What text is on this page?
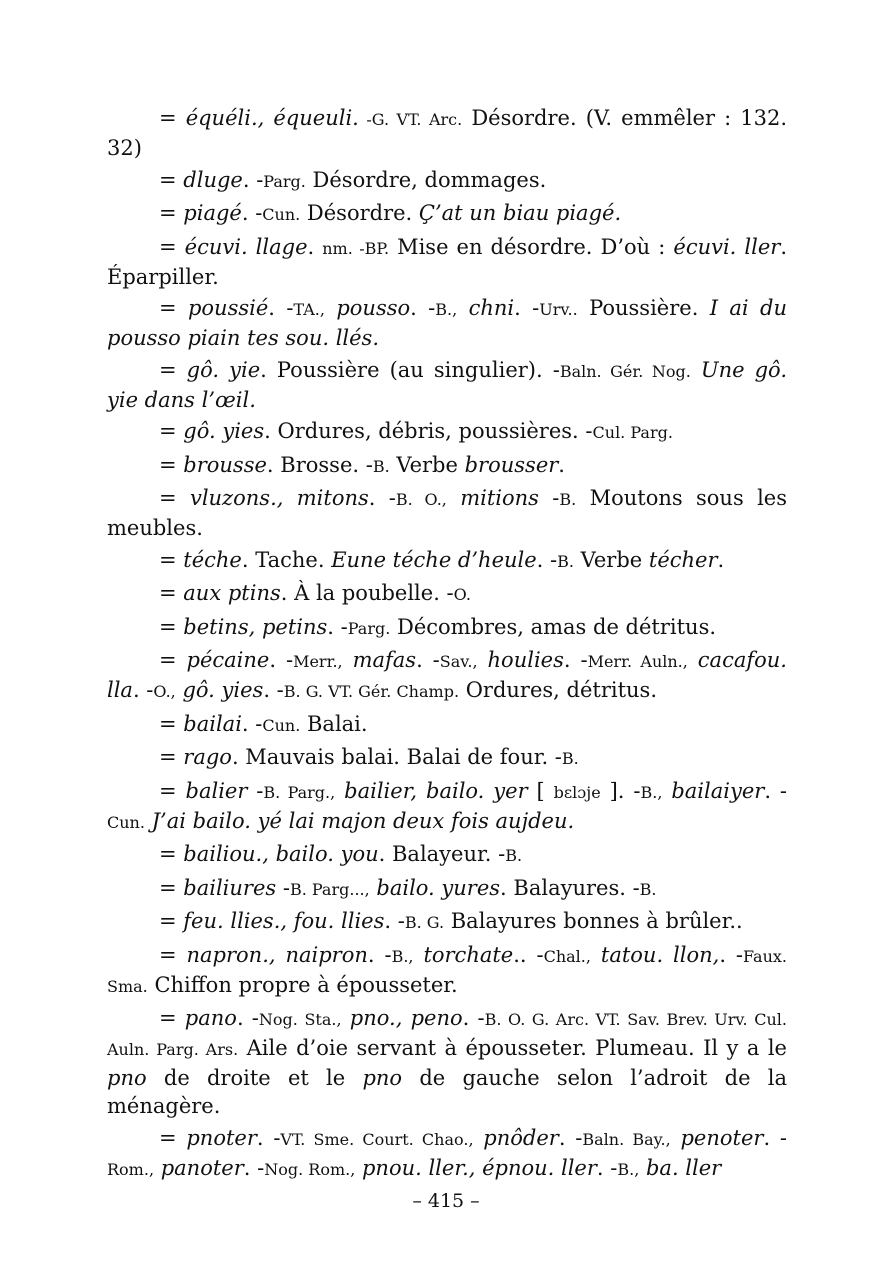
= équéli., équeuli. -G. VT. Arc. Désordre. (V. emmêler : 132. 32)

= dluge. -Parg. Désordre, dommages.

= piagé. -Cun. Désordre. Ç’at un biau piagé.

= écuvi. llage. nm. -BP. Mise en désordre. D’où : écuvi. ller. Éparpiller.

= poussié. -TA., pousso. -B., chni. -Urv.. Poussière. I ai du pousso piain tes sou. llés.

= gô. yie. Poussière (au singulier). -Baln. Gér. Nog. Une gô. yie dans l’œil.

= gô. yies. Ordures, débris, poussières. -Cul. Parg.

= brousse. Brosse. -B. Verbe brousser.

= vluzons., mitons. -B. O., mitions -B. Moutons sous les meubles.

= téche. Tache. Eune téche d’heule. -B. Verbe técher.

= aux ptins. À la poubelle. -O.

= betins, petins. -Parg. Décombres, amas de détritus.

= pécaine. -Merr., mafas. -Sav., houlies. -Merr. Auln., cacafou. lla. -O., gô. yies. -B. G. VT. Gér. Champ. Ordures, détritus.

= bailai. -Cun. Balai.

= rago. Mauvais balai. Balai de four. -B.

= balier -B. Parg., bailier, bailo. yer [ bɛlɔje ]. -B., bailaiyer. -Cun. J’ai bailo. yé lai majon deux fois aujdeu.

= bailiou., bailo. you. Balayeur. -B.

= bailiures -B. Parg..., bailo. yures. Balayures. -B.

= feu. llies., fou. llies. -B. G. Balayures bonnes à brûler..

= napron., naipron. -B., torchate.. -Chal., tatou. llon,. -Faux. Sma. Chiffon propre à épousseter.

= pano. -Nog. Sta., pno., peno. -B. O. G. Arc. VT. Sav. Brev. Urv. Cul. Auln. Parg. Ars. Aile d’oie servant à épousseter. Plumeau. Il y a le pno de droite et le pno de gauche selon l’adroit de la ménagère.

= pnoter. -VT. Sme. Court. Chao., pnôder. -Baln. Bay., penoter. -Rom., panoter. -Nog. Rom., pnou. ller., épnou. ller. -B., ba. ller

– 415 –
